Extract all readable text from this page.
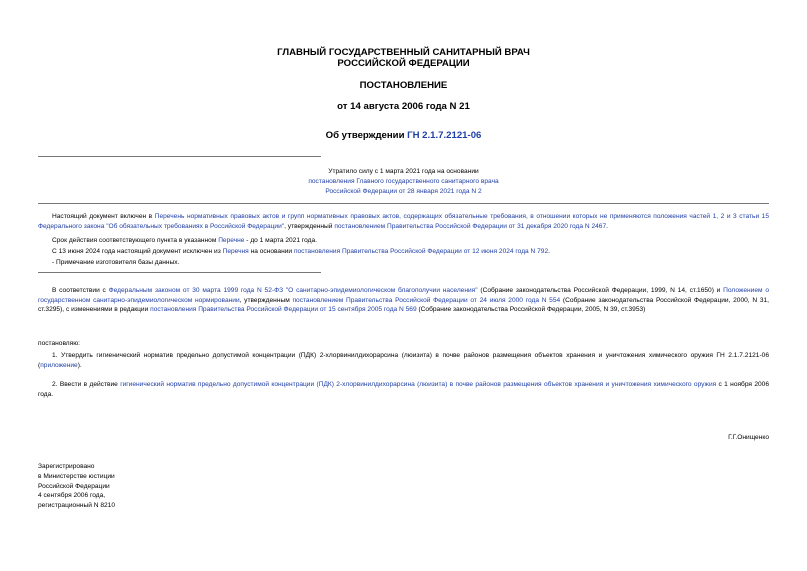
ГЛАВНЫЙ ГОСУДАРСТВЕННЫЙ САНИТАРНЫЙ ВРАЧ
РОССИЙСКОЙ ФЕДЕРАЦИИ
ПОСТАНОВЛЕНИЕ
от 14 августа 2006 года N 21
Об утверждении ГН 2.1.7.2121-06
Утратило силу с 1 марта 2021 года на основании
постановления Главного государственного санитарного врача
Российской Федерации от 28 января 2021 года N 2
Настоящий документ включен в Перечень нормативных правовых актов и групп нормативных правовых актов, содержащих обязательные требования, в отношении которых не применяются положения частей 1, 2 и 3 статьи 15 Федерального закона "Об обязательных требованиях в Российской Федерации", утвержденный постановлением Правительства Российской Федерации от 31 декабря 2020 года N 2467.
Срок действия соответствующего пункта в указанном Перечне - до 1 марта 2021 года.
С 13 июня 2024 года настоящий документ исключен из Перечня на основании постановления Правительства Российской Федерации от 12 июня 2024 года N 792.
- Примечание изготовителя базы данных.
В соответствии с Федеральным законом от 30 марта 1999 года N 52-ФЗ "О санитарно-эпидемиологическом благополучии населения" (Собрание законодательства Российской Федерации, 1999, N 14, ст.1650) и Положением о государственном санитарно-эпидемиологическом нормировании, утвержденным постановлением Правительства Российской Федерации от 24 июля 2000 года N 554 (Собрание законодательства Российской Федерации, 2000, N 31, ст.3295), с изменениями в редакции постановления Правительства Российской Федерации от 15 сентября 2005 года N 569 (Собрание законодательства Российской Федерации, 2005, N 39, ст.3953)
постановляю:
1. Утвердить гигиенический норматив предельно допустимой концентрации (ПДК) 2-хлорвинилдихорарсина (люизита) в почве районов размещения объектов хранения и уничтожения химического оружия ГН 2.1.7.2121-06 (приложение).
2. Ввести в действие гигиенический норматив предельно допустимой концентрации (ПДК) 2-хлорвинилдихорарсина (люизита) в почве районов размещения объектов хранения и уничтожения химического оружия с 1 ноября 2006 года.
Г.Г.Онищенко
Зарегистрировано
в Министерстве юстиции
Российской Федерации
4 сентября 2006 года,
регистрационный N 8210
